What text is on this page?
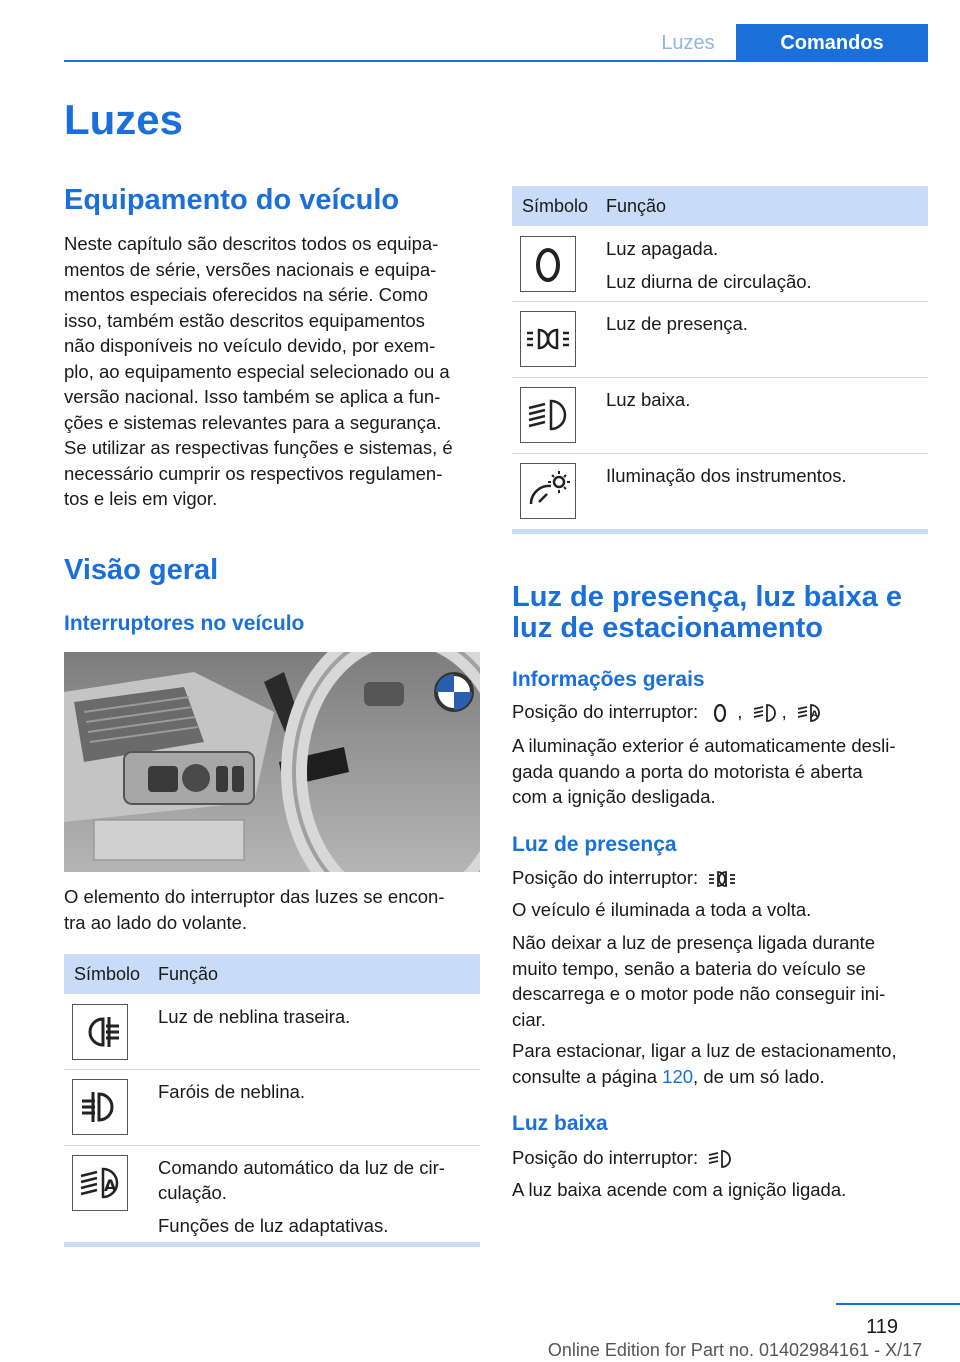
Luzes	Comandos
Luzes
Equipamento do veículo
Neste capítulo são descritos todos os equipa-
mentos de série, versões nacionais e equipa-
mentos especiais oferecidos na série. Como
isso, também estão descritos equipamentos
não disponíveis no veículo devido, por exem-
plo, ao equipamento especial selecionado ou a
versão nacional. Isso também se aplica a fun-
ções e sistemas relevantes para a segurança.
Se utilizar as respectivas funções e sistemas, é
necessário cumprir os respectivos regulamen-
tos e leis em vigor.
Visão geral
Interruptores no veículo
O elemento do interruptor das luzes se encon-
tra ao lado do volante.
Símbolo Função
Luz de neblina traseira.
Faróis de neblina.
A
Comando automático da luz de cir-
culação.
Funções de luz adaptativas.
Símbolo Função
Luz apagada.
Luz diurna de circulação.
Luz de presença.
Luz baixa.
Iluminação dos instrumentos.
Luz de presença, luz baixa e
luz de estacionamento
Informações gerais
Posição do interruptor: , ,	A
A iluminação exterior é automaticamente desli-
gada quando a porta do motorista é aberta
com a ignição desligada.
Luz de presença
Posição do interruptor:
O veículo é iluminada a toda a volta.
Não deixar a luz de presença ligada durante
muito tempo, senão a bateria do veículo se
descarrega e o motor pode não conseguir ini-
ciar.
Para estacionar, ligar a luz de estacionamento,
consulte a página 120, de um só lado.
Luz baixa
Posição do interruptor:
A luz baixa acende com a ignição ligada.
119
Online Edition for Part no. 01402984161 - X/17
